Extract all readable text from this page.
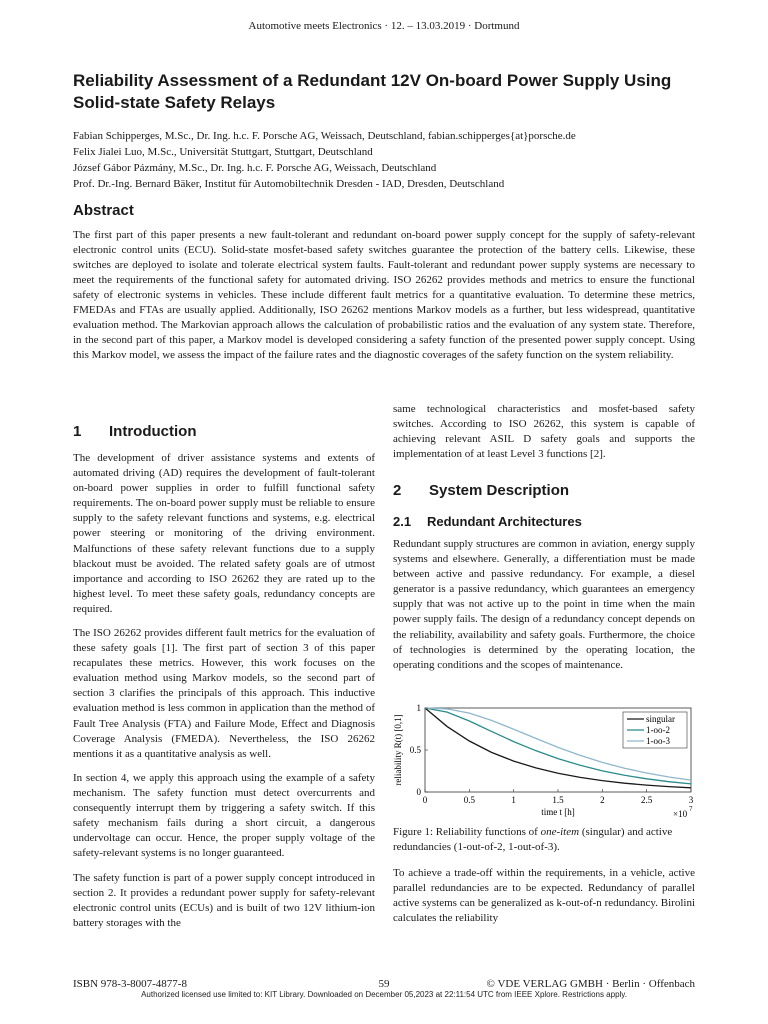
Automotive meets Electronics · 12. – 13.03.2019 · Dortmund
Reliability Assessment of a Redundant 12V On-board Power Supply Using Solid-state Safety Relays
Fabian Schipperges, M.Sc., Dr. Ing. h.c. F. Porsche AG, Weissach, Deutschland, fabian.schipperges{at}porsche.de
Felix Jialei Luo, M.Sc., Universität Stuttgart, Stuttgart, Deutschland
József Gábor Pázmány, M.Sc., Dr. Ing. h.c. F. Porsche AG, Weissach, Deutschland
Prof. Dr.-Ing. Bernard Bäker, Institut für Automobiltechnik Dresden - IAD, Dresden, Deutschland
Abstract
The first part of this paper presents a new fault-tolerant and redundant on-board power supply concept for the supply of safety-relevant electronic control units (ECU). Solid-state mosfet-based safety switches guarantee the protection of the battery cells. Likewise, these switches are deployed to isolate and tolerate electrical system faults. Fault-tolerant and redundant power supply systems are necessary to meet the requirements of the functional safety for automated driving. ISO 26262 provides methods and metrics to ensure the functional safety of electronic systems in vehicles. These include different fault metrics for a quantitative evaluation. To determine these metrics, FMEDAs and FTAs are usually applied. Additionally, ISO 26262 mentions Markov models as a further, but less widespread, quantitative evaluation method. The Markovian approach allows the calculation of probabilistic ratios and the evaluation of any system state. Therefore, in the second part of this paper, a Markov model is developed considering a safety function of the presented power supply concept. Using this Markov model, we assess the impact of the failure rates and the diagnostic coverages of the safety function on the system reliability.
1 Introduction
The development of driver assistance systems and extents of automated driving (AD) requires the development of fault-tolerant on-board power supplies in order to fulfill functional safety requirements. The on-board power supply must be reliable to ensure supply to the safety relevant functions and systems, e.g. electrical power steering or monitoring of the driving environment. Malfunctions of these safety relevant functions due to a supply blackout must be avoided. The related safety goals are of utmost importance and according to ISO 26262 they are rated up to the highest level. To meet these safety goals, redundancy concepts are required.
The ISO 26262 provides different fault metrics for the evaluation of these safety goals [1]. The first part of section 3 of this paper recapulates these metrics. However, this work focuses on the evaluation method using Markov models, so the second part of section 3 clarifies the principals of this approach. This inductive evaluation method is less common in application than the method of Fault Tree Analysis (FTA) and Failure Mode, Effect and Diagnosis Coverage Analysis (FMEDA). Nevertheless, the ISO 26262 mentions it as a quantitative analysis as well.
In section 4, we apply this approach using the example of a safety mechanism. The safety function must detect overcurrents and consequently interrupt them by triggering a safety switch. If this safety mechanism fails during a short circuit, a dangerous undervoltage can occur. Hence, the proper supply voltage of the safety-relevant systems is no longer guaranteed.
The safety function is part of a power supply concept introduced in section 2. It provides a redundant power supply for safety-relevant electronic control units (ECUs) and is built of two 12V lithium-ion battery storages with the
same technological characteristics and mosfet-based safety switches. According to ISO 26262, this system is capable of achieving relevant ASIL D safety goals and supports the implementation of at least Level 3 functions [2].
2 System Description
2.1 Redundant Architectures
Redundant supply structures are common in aviation, energy supply systems and elsewhere. Generally, a differentiation must be made between active and passive redundancy. For example, a diesel generator is a passive redundancy, which guarantees an emergency supply that was not active up to the point in time when the main power supply fails. The design of a redundancy concept depends on the reliability, availability and safety goals. Furthermore, the choice of technologies is determined by the operating location, the operating conditions and the scopes of maintenance.
0	0.5	1	1.5	2	2.5	3
0
0.5
1
singular
1-oo-2
1-oo-3
reliability R(t) [0,1]
time t [h]	×10 7
Figure 1: Reliability functions of one-item (singular) and active redundancies (1-out-of-2, 1-out-of-3).
To achieve a trade-off within the requirements, in a vehicle, active parallel redundancies are to be expected. Redundancy of parallel active systems can be generalized as k-out-of-n redundancy. Birolini calculates the reliability
ISBN 978-3-8007-4877-8	59	© VDE VERLAG GMBH · Berlin · Offenbach
Authorized licensed use limited to: KIT Library. Downloaded on December 05,2023 at 22:11:54 UTC from IEEE Xplore. Restrictions apply.
